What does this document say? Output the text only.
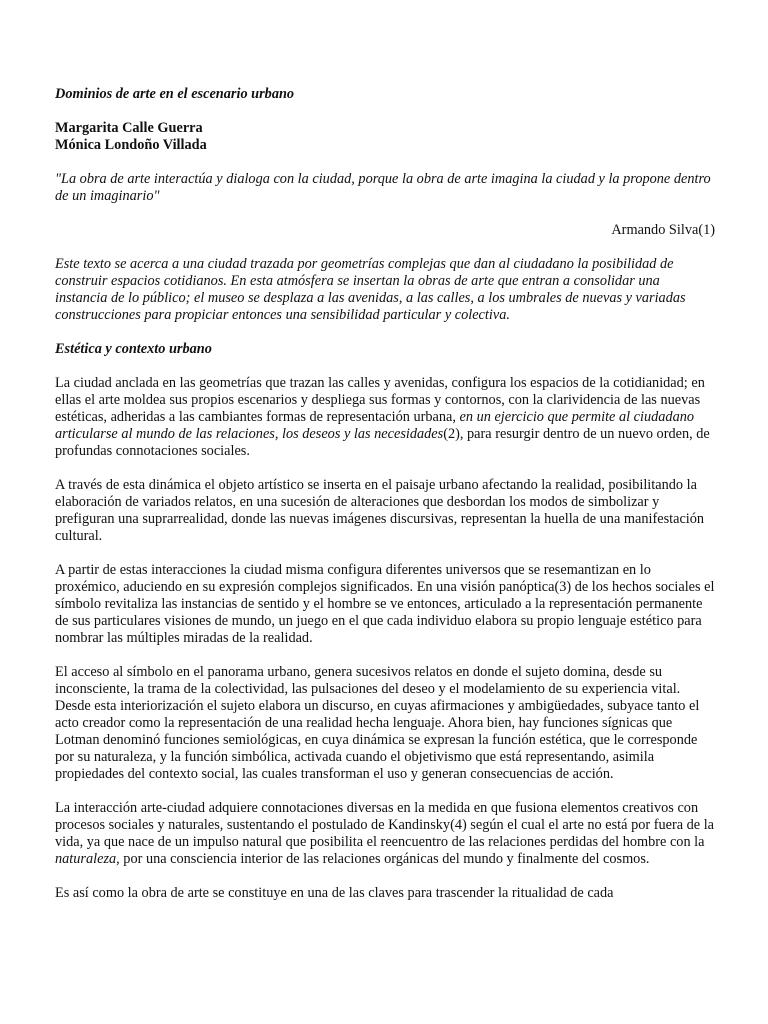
Dominios de arte en el escenario urbano

Margarita Calle Guerra

Mónica Londoño Villada

"La obra de arte interactúa y dialoga con la ciudad, porque la obra de arte imagina la ciudad y la propone dentro de un imaginario"

Armando Silva(1)

Este texto se acerca a una ciudad trazada por geometrías complejas que dan al ciudadano la posibilidad de construir espacios cotidianos. En esta atmósfera se insertan la obras de arte que entran a consolidar una instancia de lo público; el museo se desplaza a las avenidas, a las calles, a los umbrales de nuevas y variadas construcciones para propiciar entonces una sensibilidad particular y colectiva.

Estética y contexto urbano

La ciudad anclada en las geometrías que trazan las calles y avenidas, configura los espacios de la cotidianidad; en ellas el arte moldea sus propios escenarios y despliega sus formas y contornos, con la clarividencia de las nuevas estéticas, adheridas a las cambiantes formas de representación urbana, en un ejercicio que permite al ciudadano articularse al mundo de las relaciones, los deseos y las necesidades(2), para resurgir dentro de un nuevo orden, de profundas connotaciones sociales.

A través de esta dinámica el objeto artístico se inserta en el paisaje urbano afectando la realidad, posibilitando la elaboración de variados relatos, en una sucesión de alteraciones que desbordan los modos de simbolizar y prefiguran una suprarrealidad, donde las nuevas imágenes discursivas, representan la huella de una manifestación cultural.

A partir de estas interacciones la ciudad misma configura diferentes universos que se resemantizan en lo proxémico, aduciendo en su expresión complejos significados. En una visión panóptica(3) de los hechos sociales el símbolo revitaliza las instancias de sentido y el hombre se ve entonces, articulado a la representación permanente de sus particulares visiones de mundo, un juego en el que cada individuo elabora su propio lenguaje estético para nombrar las múltiples miradas de la realidad.

El acceso al símbolo en el panorama urbano, genera sucesivos relatos en donde el sujeto domina, desde su inconsciente, la trama de la colectividad, las pulsaciones del deseo y el modelamiento de su experiencia vital. Desde esta interiorización el sujeto elabora un discurso, en cuyas afirmaciones y ambigüedades, subyace tanto el acto creador como la representación de una realidad hecha lenguaje. Ahora bien, hay funciones sígnicas que Lotman denominó funciones semiológicas, en cuya dinámica se expresan la función estética, que le corresponde por su naturaleza, y la función simbólica, activada cuando el objetivismo que está representando, asimila propiedades del contexto social, las cuales transforman el uso y generan consecuencias de acción.

La interacción arte-ciudad adquiere connotaciones diversas en la medida en que fusiona elementos creativos con procesos sociales y naturales, sustentando el postulado de Kandinsky(4) según el cual el arte no está por fuera de la vida, ya que nace de un impulso natural que posibilita el reencuentro de las relaciones perdidas del hombre con la naturaleza, por una consciencia interior de las relaciones orgánicas del mundo y finalmente del cosmos.

Es así como la obra de arte se constituye en una de las claves para trascender la ritualidad de cada
